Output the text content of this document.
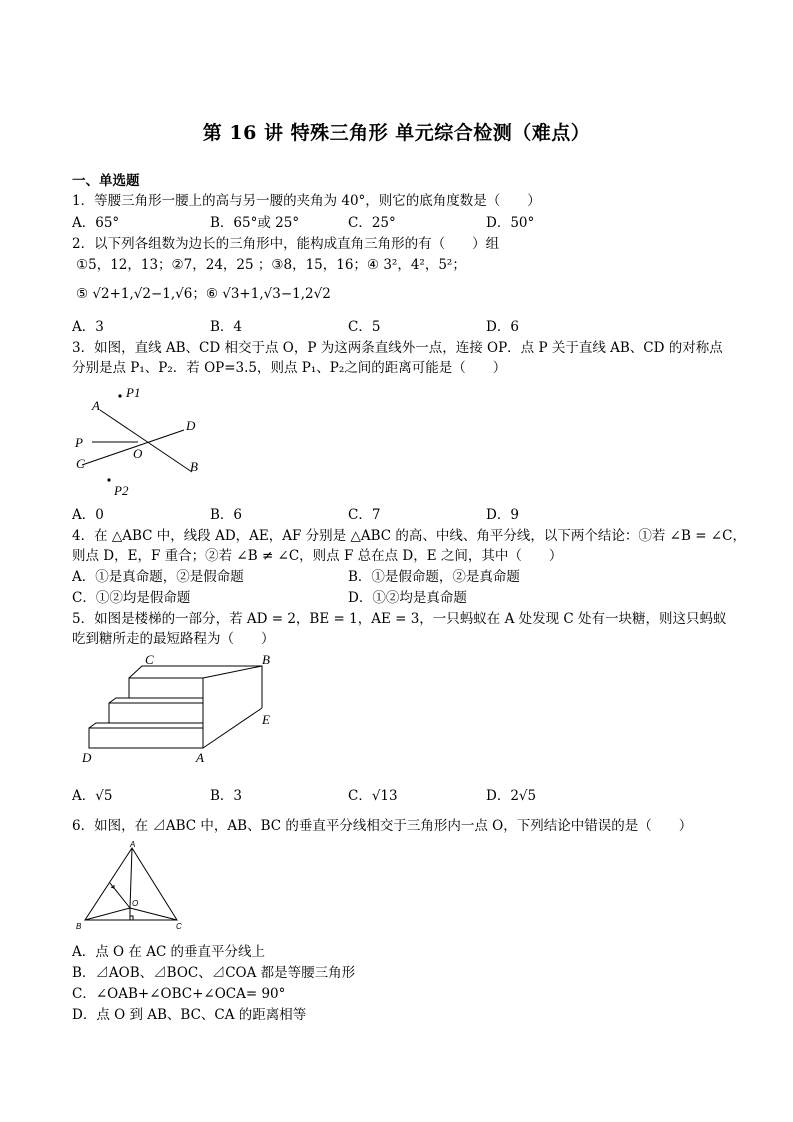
第 16 讲 特殊三角形 单元综合检测（难点）
一、单选题
1．等腰三角形一腰上的高与另一腰的夹角为 40°，则它的底角度数是（　　）
A．65°	B．65°或 25°	C．25°	D．50°
2．以下列各组数为边长的三角形中，能构成直角三角形的有（　　）组
①5，12，13；②7，24，25 ；③8，15，16；④ 3²，4²，5²；
⑤ √2+1,√2−1,√6；⑥ √3+1,√3−1,2√2
A．3	B．4	C．5	D．6
3．如图，直线 AB、CD 相交于点 O，P 为这两条直线外一点，连接 OP．点 P 关于直线 AB、CD 的对称点
分别是点 P₁、P₂．若 OP=3.5，则点 P₁、P₂之间的距离可能是（　　）
A
P1
D
P
O
C	B
P2
A．0	B．6	C．7	D．9
4．在 △ABC 中，线段 AD，AE，AF 分别是 △ABC 的高、中线、角平分线，以下两个结论：①若 ∠B = ∠C，
则点 D，E，F 重合；②若 ∠B ≠ ∠C，则点 F 总在点 D，E 之间，其中（　　）
A．①是真命题，②是假命题	B．①是假命题，②是真命题
C．①②均是假命题	D．①②均是真命题
5．如图是楼梯的一部分，若 AD = 2，BE = 1，AE = 3，一只蚂蚁在 A 处发现 C 处有一块糖，则这只蚂蚁
吃到糖所走的最短路程为（　　）
C	B
E
D	A
A．√5	B．3	C．√13	D．2√5
6．如图，在 ⊿ABC 中，AB、BC 的垂直平分线相交于三角形内一点 O，下列结论中错误的是（　　）
A
O
B	C
A．点 O 在 AC 的垂直平分线上
B．⊿AOB、⊿BOC、⊿COA 都是等腰三角形
C．∠OAB+∠OBC+∠OCA= 90°
D．点 O 到 AB、BC、CA 的距离相等
